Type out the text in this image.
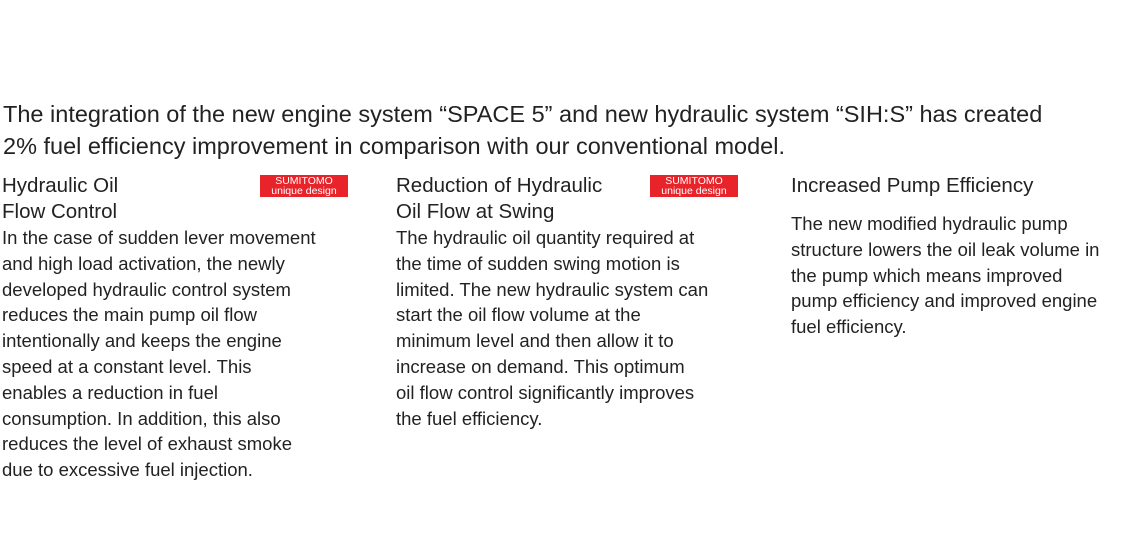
The integration of the new engine system “SPACE 5” and new hydraulic system “SIH:S” has created
2% fuel efficiency improvement in comparison with our conventional model.

Hydraulic Oil
Flow Control
SUMITOMO
unique design

In the case of sudden lever movement
and high load activation, the newly
developed hydraulic control system
reduces the main pump oil flow
intentionally and keeps the engine
speed at a constant level. This
enables a reduction in fuel
consumption. In addition, this also
reduces the level of exhaust smoke
due to excessive fuel injection.

Reduction of Hydraulic
Oil Flow at Swing
SUMITOMO
unique design

The hydraulic oil quantity required at
the time of sudden swing motion is
limited. The new hydraulic system can
start the oil flow volume at the
minimum level and then allow it to
increase on demand. This optimum
oil flow control significantly improves
the fuel efficiency.

Increased Pump Efficiency

The new modified hydraulic pump
structure lowers the oil leak volume in
the pump which means improved
pump efficiency and improved engine
fuel efficiency.
